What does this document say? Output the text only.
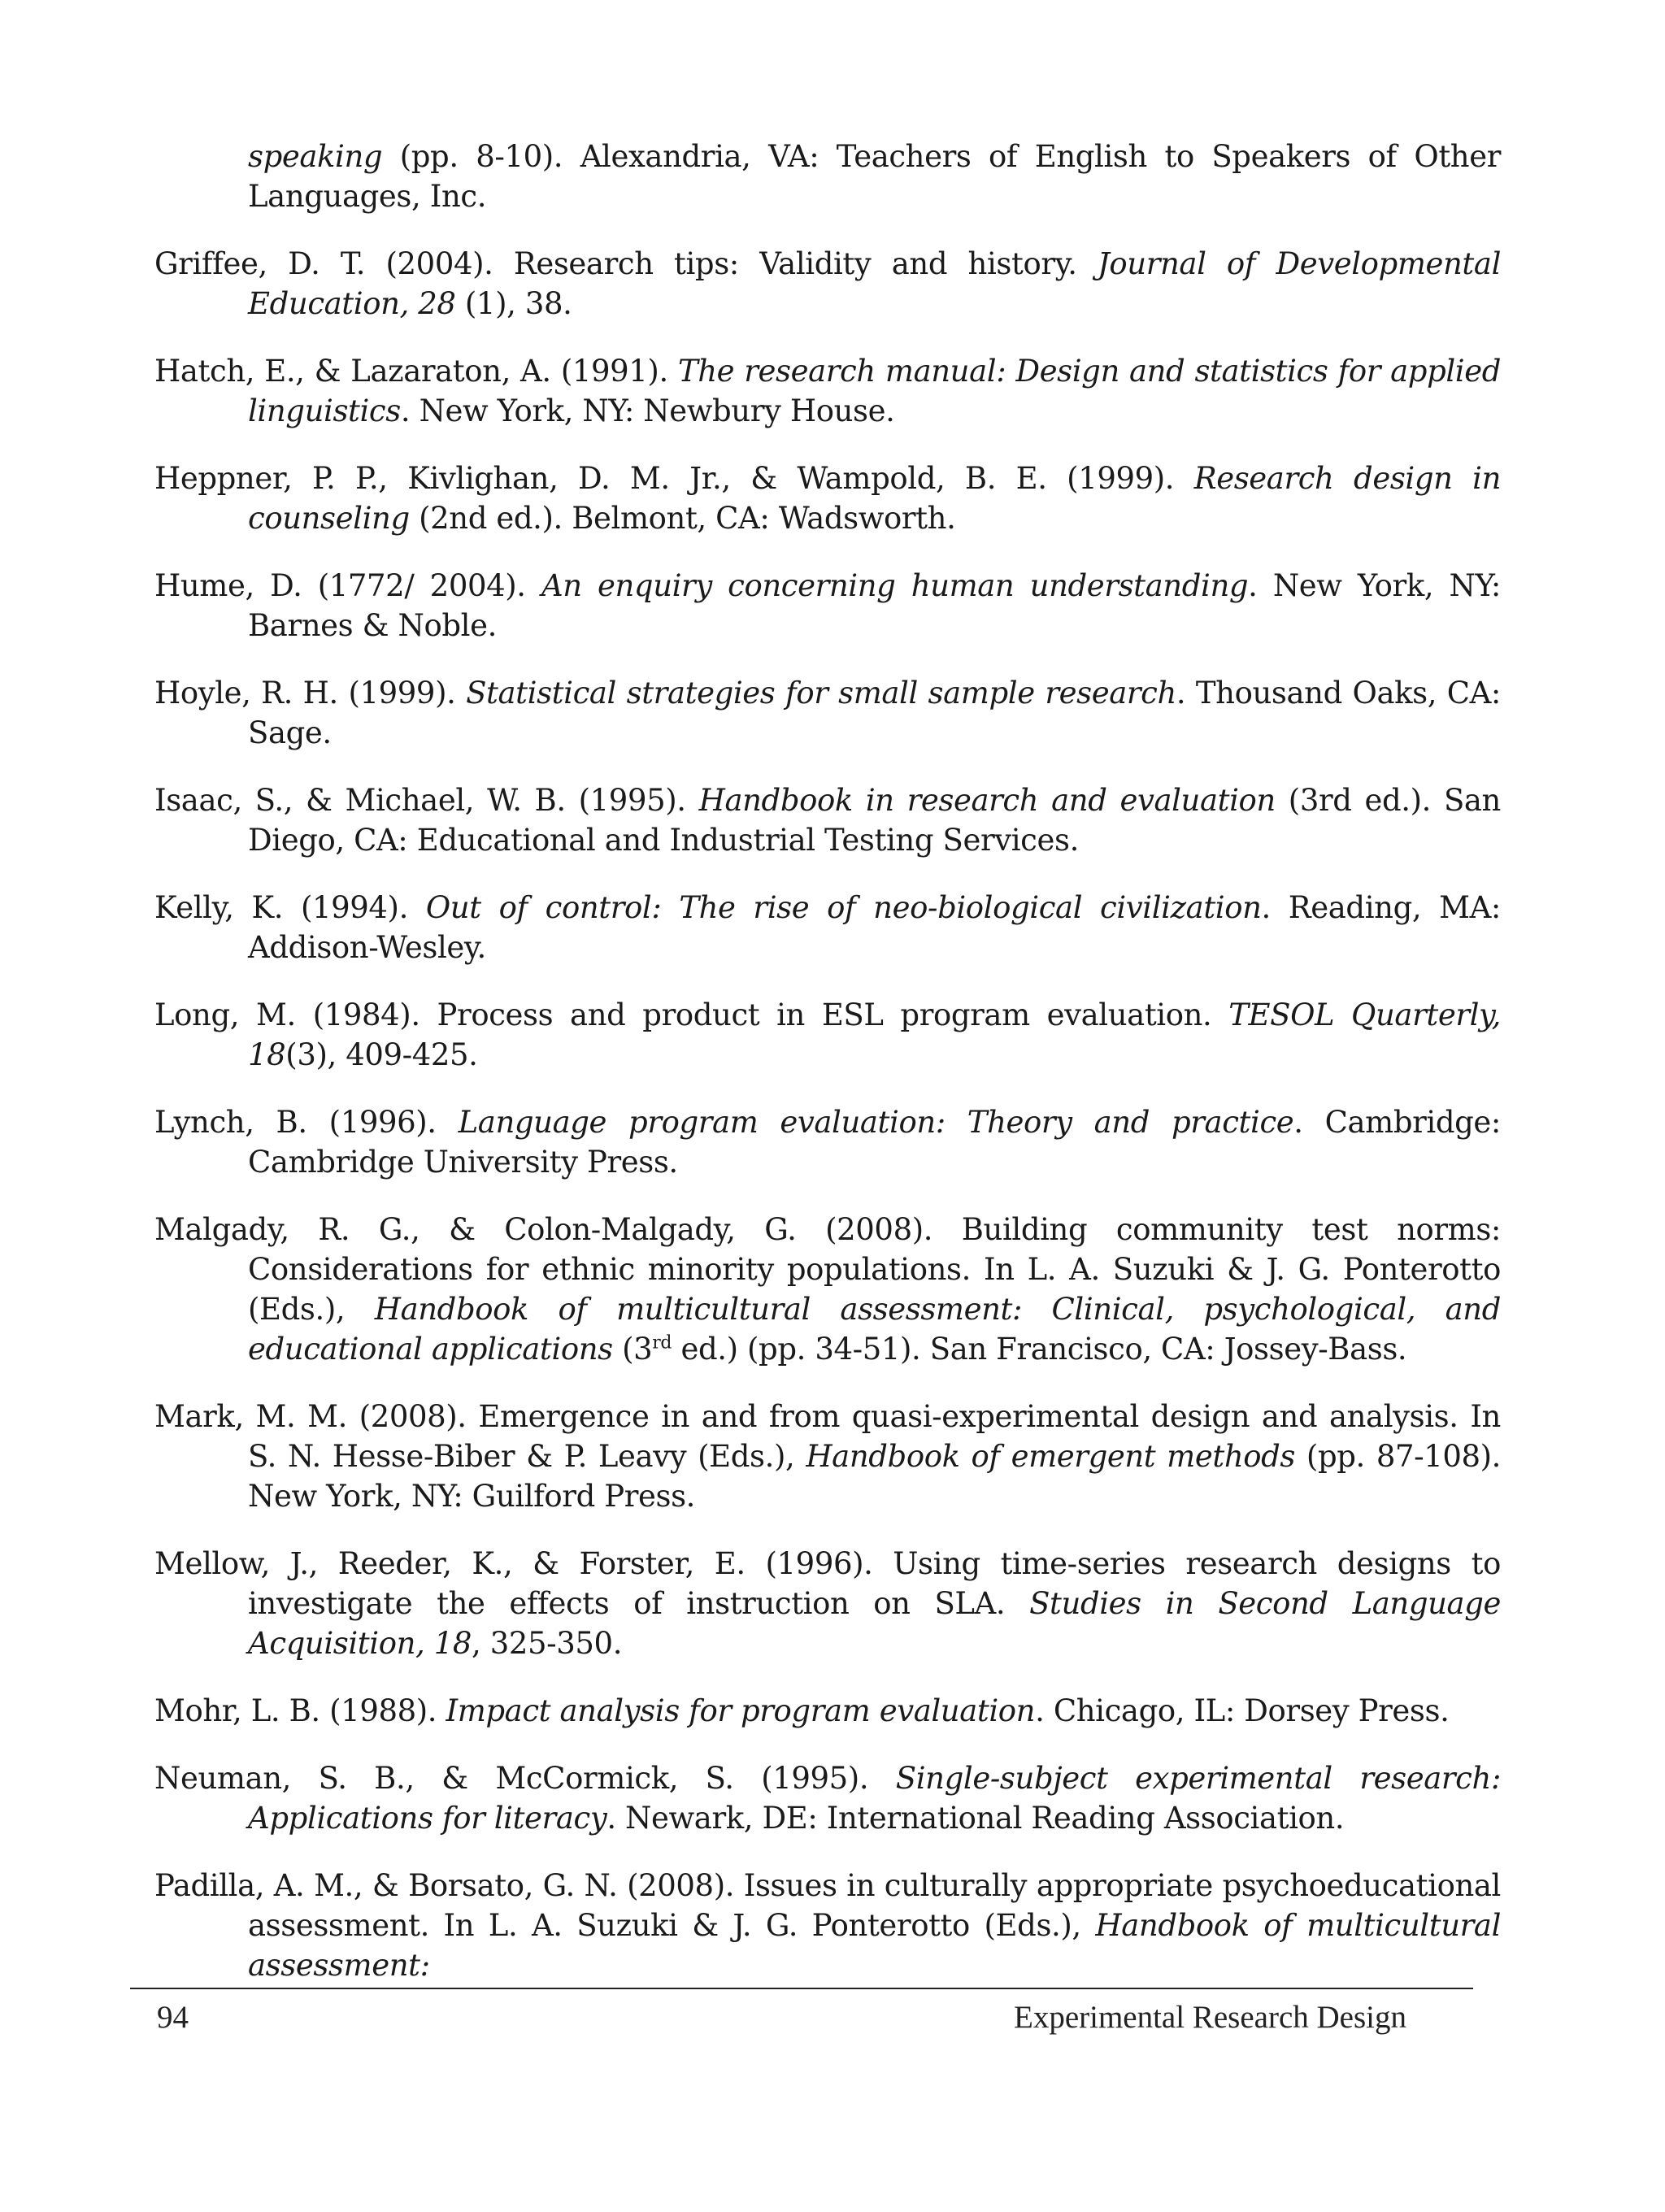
speaking (pp. 8-10). Alexandria, VA: Teachers of English to Speakers of Other Languages, Inc.
Griffee, D. T. (2004). Research tips: Validity and history. Journal of Developmental Education, 28 (1), 38.
Hatch, E., & Lazaraton, A. (1991). The research manual: Design and statistics for applied linguistics. New York, NY: Newbury House.
Heppner, P. P., Kivlighan, D. M. Jr., & Wampold, B. E. (1999). Research design in counseling (2nd ed.). Belmont, CA: Wadsworth.
Hume, D. (1772/ 2004). An enquiry concerning human understanding. New York, NY: Barnes & Noble.
Hoyle, R. H. (1999). Statistical strategies for small sample research. Thousand Oaks, CA: Sage.
Isaac, S., & Michael, W. B. (1995). Handbook in research and evaluation (3rd ed.). San Diego, CA: Educational and Industrial Testing Services.
Kelly, K. (1994). Out of control: The rise of neo-biological civilization. Reading, MA: Addison-Wesley.
Long, M. (1984). Process and product in ESL program evaluation. TESOL Quarterly, 18(3), 409-425.
Lynch, B. (1996). Language program evaluation: Theory and practice. Cambridge: Cambridge University Press.
Malgady, R. G., & Colon-Malgady, G. (2008). Building community test norms: Considerations for ethnic minority populations. In L. A. Suzuki & J. G. Ponterotto (Eds.), Handbook of multicultural assessment: Clinical, psychological, and educational applications (3rd ed.) (pp. 34-51). San Francisco, CA: Jossey-Bass.
Mark, M. M. (2008). Emergence in and from quasi-experimental design and analysis. In S. N. Hesse-Biber & P. Leavy (Eds.), Handbook of emergent methods (pp. 87-108). New York, NY: Guilford Press.
Mellow, J., Reeder, K., & Forster, E. (1996). Using time-series research designs to investigate the effects of instruction on SLA. Studies in Second Language Acquisition, 18, 325-350.
Mohr, L. B. (1988). Impact analysis for program evaluation. Chicago, IL: Dorsey Press.
Neuman, S. B., & McCormick, S. (1995). Single-subject experimental research: Applications for literacy. Newark, DE: International Reading Association.
Padilla, A. M., & Borsato, G. N. (2008). Issues in culturally appropriate psychoeducational assessment. In L. A. Suzuki & J. G. Ponterotto (Eds.), Handbook of multicultural assessment:
94	Experimental Research Design
